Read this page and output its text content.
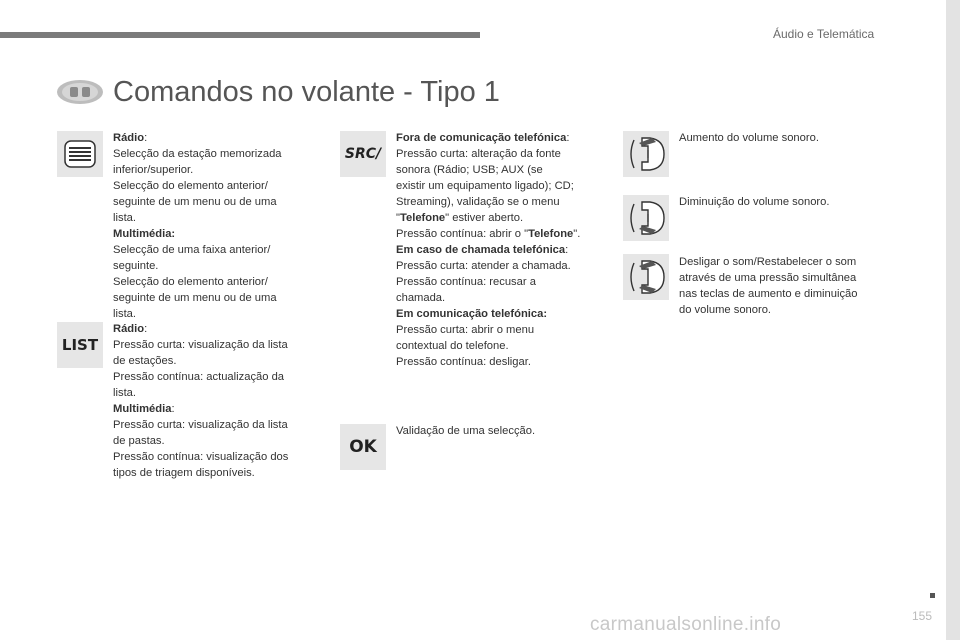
Áudio e Telemática
Comandos no volante - Tipo 1

Rádio:

Selecção da estação memorizada

inferior/superior.

Selecção do elemento anterior/

seguinte de um menu ou de uma

lista.

Multimédia:

Selecção de uma faixa anterior/

seguinte.

Selecção do elemento anterior/

seguinte de um menu ou de uma

lista.

LIST

Rádio:

Pressão curta: visualização da lista

de estações.

Pressão contínua: actualização da

lista.

Multimédia:

Pressão curta: visualização da lista

de pastas.

Pressão contínua: visualização dos

tipos de triagem disponíveis.

SRC/

Fora de comunicação telefónica:

Pressão curta: alteração da fonte

sonora (Rádio; USB; AUX (se

existir um equipamento ligado); CD;

Streaming), validação se o menu

"Telefone" estiver aberto.

Pressão contínua: abrir o "Telefone".

Em caso de chamada telefónica:

Pressão curta: atender a chamada.

Pressão contínua: recusar a

chamada.

Em comunicação telefónica:

Pressão curta: abrir o menu

contextual do telefone.

Pressão contínua: desligar.

OK

Validação de uma selecção.

Aumento do volume sonoro.

Diminuição do volume sonoro.

Desligar o som/Restabelecer o som

através de uma pressão simultânea

nas teclas de aumento e diminuição

do volume sonoro.

155
carmanualsonline.info
